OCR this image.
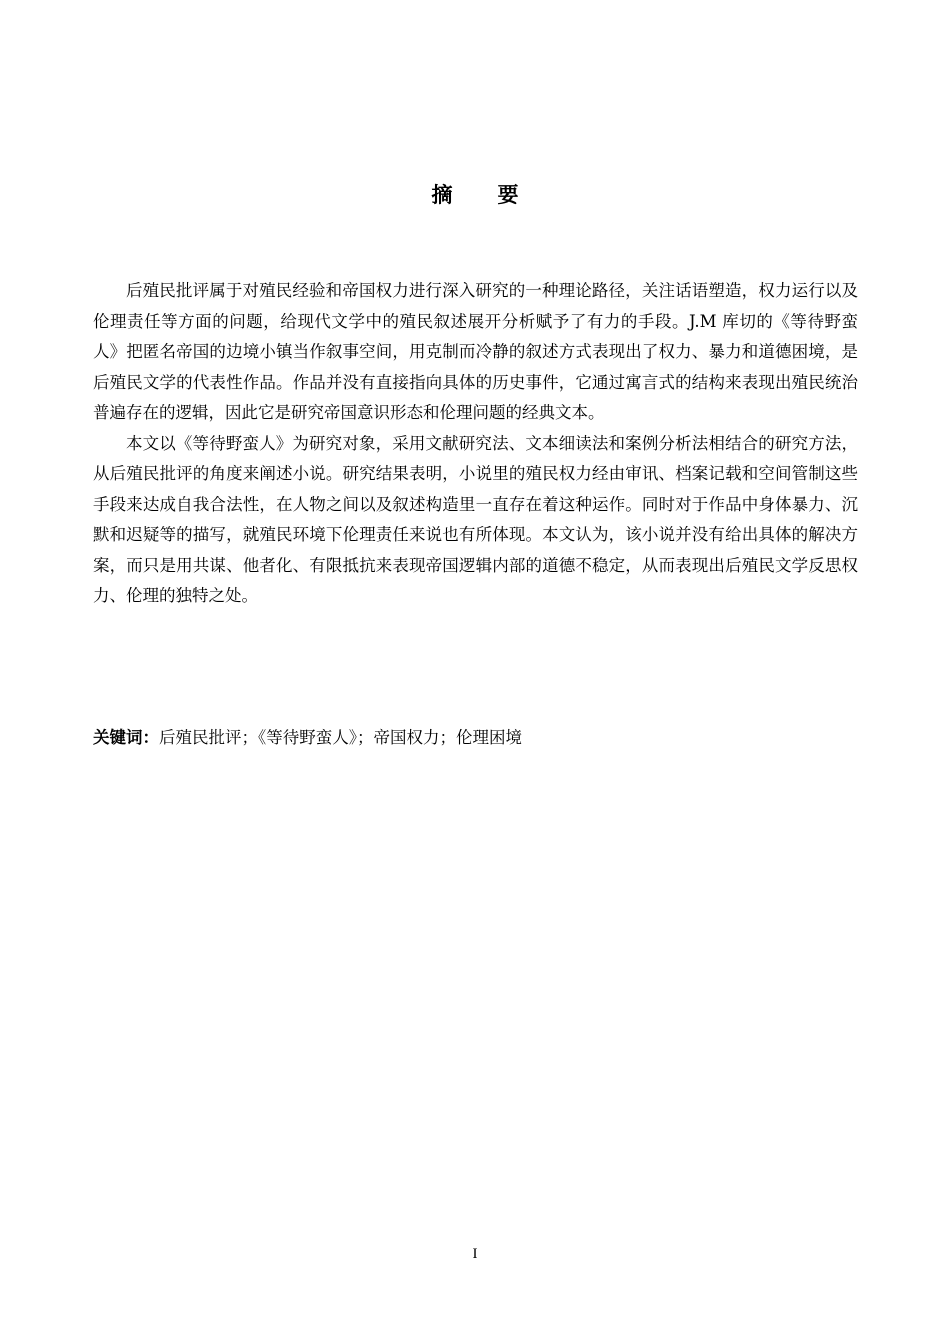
摘 要

后殖民批评属于对殖民经验和帝国权力进行深入研究的一种理论路径，关注话语塑造，权力运行以及伦理责任等方面的问题，给现代文学中的殖民叙述展开分析赋予了有力的手段。J.M 库切的《等待野蛮人》把匿名帝国的边境小镇当作叙事空间，用克制而冷静的叙述方式表现出了权力、暴力和道德困境，是后殖民文学的代表性作品。作品并没有直接指向具体的历史事件，它通过寓言式的结构来表现出殖民统治普遍存在的逻辑，因此它是研究帝国意识形态和伦理问题的经典文本。

本文以《等待野蛮人》为研究对象，采用文献研究法、文本细读法和案例分析法相结合的研究方法，从后殖民批评的角度来阐述小说。研究结果表明，小说里的殖民权力经由审讯、档案记载和空间管制这些手段来达成自我合法性，在人物之间以及叙述构造里一直存在着这种运作。同时对于作品中身体暴力、沉默和迟疑等的描写，就殖民环境下伦理责任来说也有所体现。本文认为，该小说并没有给出具体的解决方案，而只是用共谋、他者化、有限抵抗来表现帝国逻辑内部的道德不稳定，从而表现出后殖民文学反思权力、伦理的独特之处。

关键词：后殖民批评；《等待野蛮人》；帝国权力；伦理困境
I
